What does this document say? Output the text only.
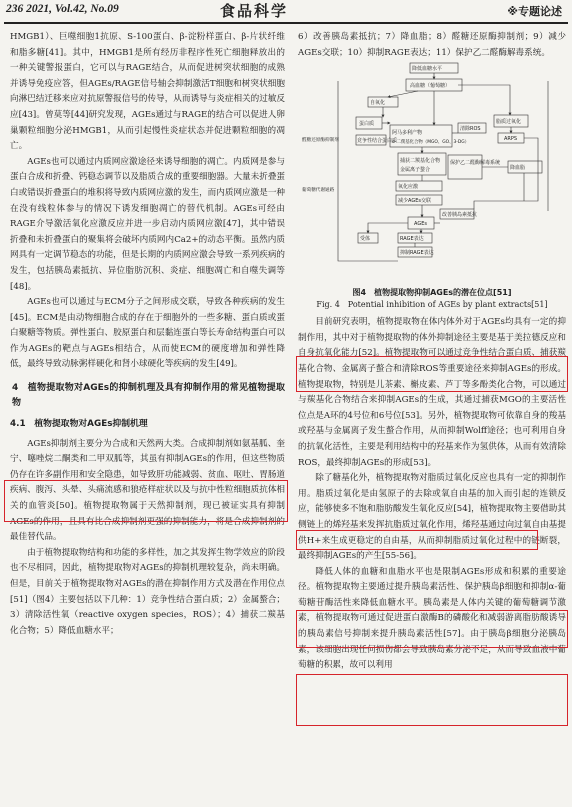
236 2021, Vol.42, No.09	食品科学	※专题论述

HMGB1）、巨噬细胞1抗原、S-100蛋白、β-淀粉样蛋白、β-片状纤维和脂多糖[41]。其中，HMGB1是所有经历非程序性死亡细胞释放出的一种关键警报蛋白，它可以与RAGE结合，从而促进树突状细胞的成熟并诱导免疫应答，但AGEs/RAGE信号轴会抑制激活T细胞和树突状细胞向淋巴结迁移来应对抗原警报信号的传导，从而诱导与炎症相关的过敏反应[43]。曾莫等[44]研究发现，AGEs通过与RAGE的结合可以促进人卵巢颗粒细胞分泌HMGB1，从而引起慢性炎症状态并促进颗粒细胞的凋亡。

AGEs也可以通过内质网应激途径来诱导细胞的凋亡。内质网是参与蛋白合成和折叠、钙稳态调节以及脂质合成的重要细胞器。大量未折叠蛋白或错误折叠蛋白的堆积将导致内质网应激的发生，而内质网应激是一种在没有线粒体参与的情况下诱发细胞凋亡的替代机制。AGEs可经由RAGE介导激活氧化应激反应并进一步启动内质网应激[47]，其中错误折叠和未折叠蛋白的聚集将会破坏内质网内Ca2+的动态平衡。虽然内质网具有一定调节稳态的功能，但是长期的内质网应激会导致一系列疾病的发生，包括胰岛素抵抗、异位脂肪沉积、炎症、细胞凋亡和自噬失调等[48]。

AGEs也可以通过与ECM分子之间形成交联，导致各种疾病的发生[45]。ECM是由动物细胞合成的存在于细胞外的一些多糖、蛋白质或蛋白聚糖等物质。弹性蛋白、胶原蛋白和层黏连蛋白等长寿命结构蛋白可以作为AGEs的靶点与AGEs相结合，从而使ECM的硬度增加和弹性降低，最终导致动脉粥样硬化和肾小球硬化等疾病的发生[49]。

4　植物提取物对AGEs的抑制机理及具有抑制作用的常见植物提取物
4.1　植物提取物对AGEs抑制机理

AGEs抑制剂主要分为合成和天然两大类。合成抑制剂如氨基胍、奎宁、噻唑烷二酮类和二甲双胍等，其虽有抑制AGEs的作用，但这些物质仍存在许多副作用和安全隐患，如导致肝功能减弱、贫血、呕吐、胃肠道疾病、腹泻、头晕、头痛流感和狼疮样症状以及与抗中性粒细胞质抗体相关的血管炎[50]。植物提取物属于天然抑制剂，现已被证实具有抑制AGEs的作用，且具有比合成抑制剂更强的抑制能力，将是合成抑制剂的最佳替代品。

由于植物提取物结构和功能的多样性，加之其发挥生物学效应的阶段也不尽相同，因此，植物提取物对AGEs的抑制机理较复杂，尚未明确。但是，目前关于植物提取物对AGEs的潜在抑制作用方式及潜在作用位点[51]（图4）主要包括以下几种：1）竞争性结合蛋白质；2）金属螯合；3）清除活性氧（reactive oxygen species，ROS）；4）捕获二羰基化合物；5）降低血糖水平；

6）改善胰岛素抵抗；7）降血脂；8）醛糖还原酶抑制剂；9）减少AGEs交联；10）抑制RAGE表达；11）保护乙二醛酶解毒系统。

降低血糖水平
高血糖（葡萄糖）
自氧化
蛋白质
竞争性结合蛋白质
阿马多利产物
α-二羰基化合物（MGO、GO、3-DG）
清除ROS
脂质过氧化
ARPS
捕获二羰基化合物
金属离子螯合
保护乙二醛酶解毒系统
氧化应激
减少AGEs交联
AGEs
改善胰岛素抵抗
受体	RAGE表达
抑制RAGE表达
降血脂
醛糖还原酶抑制剂
葡萄糖代谢通路
图4　植物提取物抑制AGEs的潜在位点[51]
Fig. 4　Potential inhibition of AGEs by plant extracts[51]

目前研究表明，植物提取物在体内体外对于AGEs均具有一定的抑制作用，其中对于植物提取物的体外抑制途径主要是基于美拉德反应和自身抗氧化能力[52]。植物提取物可以通过竞争性结合蛋白质、捕获羰基化合物、金属离子螯合和清除ROS等重要途径来抑制AGEs的形成。植物提取物，特别是儿茶素、槲皮素、芦丁等多酚类化合物，可以通过与羰基化合物结合来抑制AGEs的生成，其通过捕获MGO的主要活性位点是A环的4号位和6号位[53]。另外，植物提取物可依靠自身的羧基或羟基与金属离子发生螯合作用，从而抑制Wolff途径；也可利用自身的抗氧化活性，主要是利用结构中的羟基来作为氢供体，从而有效清除ROS，最终抑制AGEs的形成[53]。

除了糖基化外，植物提取物对脂质过氧化反应也具有一定的抑制作用。脂质过氧化是由氢原子的去除或氧自由基的加入而引起的连锁反应，能够使多不饱和脂肪酸发生氧化反应[54]，植物提取物主要借助其侧链上的烯羟基来发挥抗脂质过氧化作用，烯羟基通过向过氧自由基提供H+来生成更稳定的自由基，从而抑制脂质过氧化过程中的链断裂，最终抑制AGEs的产生[55-56]。

降低人体的血糖和血脂水平也是限制AGEs形成和积累的重要途径。植物提取物主要通过提升胰岛素活性、保护胰岛β细胞和抑制α-葡萄糖苷酶活性来降低血糖水平。胰岛素是人体内关键的葡萄糖调节激素，植物提取物可通过促进蛋白激酶B的磷酸化和减弱游离脂肪酸诱导的胰岛素信号抑制来提升胰岛素活性[57]。由于胰岛β细胞分泌胰岛素，该细胞出现任何损伤都会导致胰岛素分泌不足，从而导致血液中葡萄糖的积累，故可以利用
